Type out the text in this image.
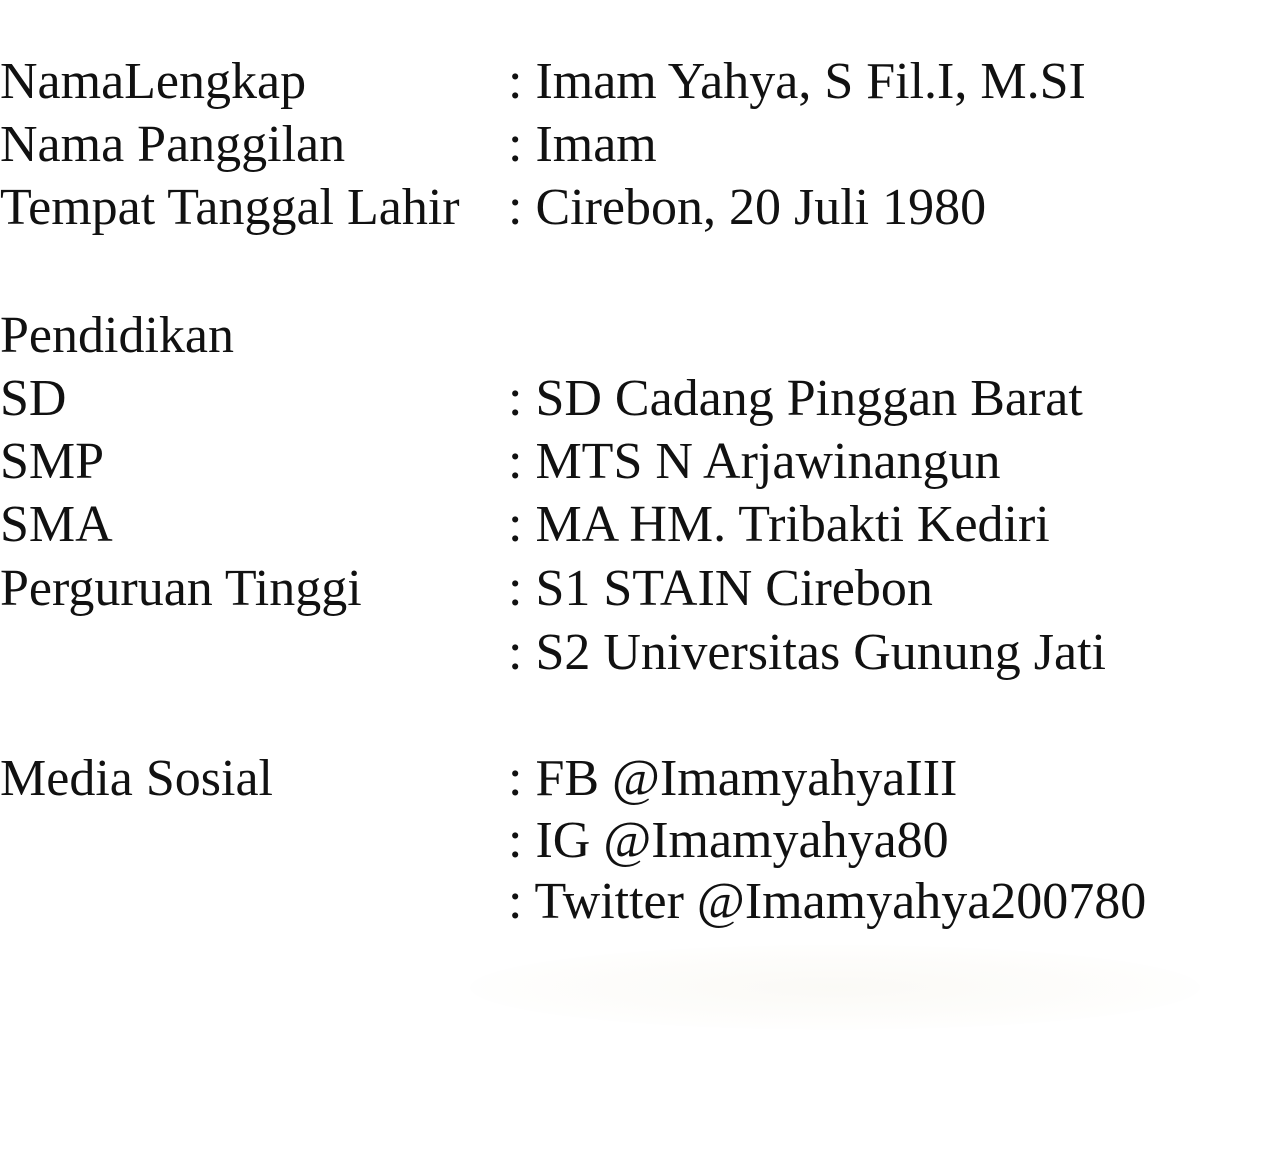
NamaLengkap	: Imam Yahya, S Fil.I, M.SI
Nama Panggilan	: Imam
Tempat Tanggal Lahir : Cirebon, 20 Juli 1980
Pendidikan
SD	: SD Cadang Pinggan Barat
SMP	: MTS N Arjawinangun
SMA	: MA HM. Tribakti Kediri
Perguruan Tinggi	: S1 STAIN Cirebon
: S2 Universitas Gunung Jati
Media Sosial	: FB @ImamyahyaIII
: IG @Imamyahya80
: Twitter @Imamyahya200780
